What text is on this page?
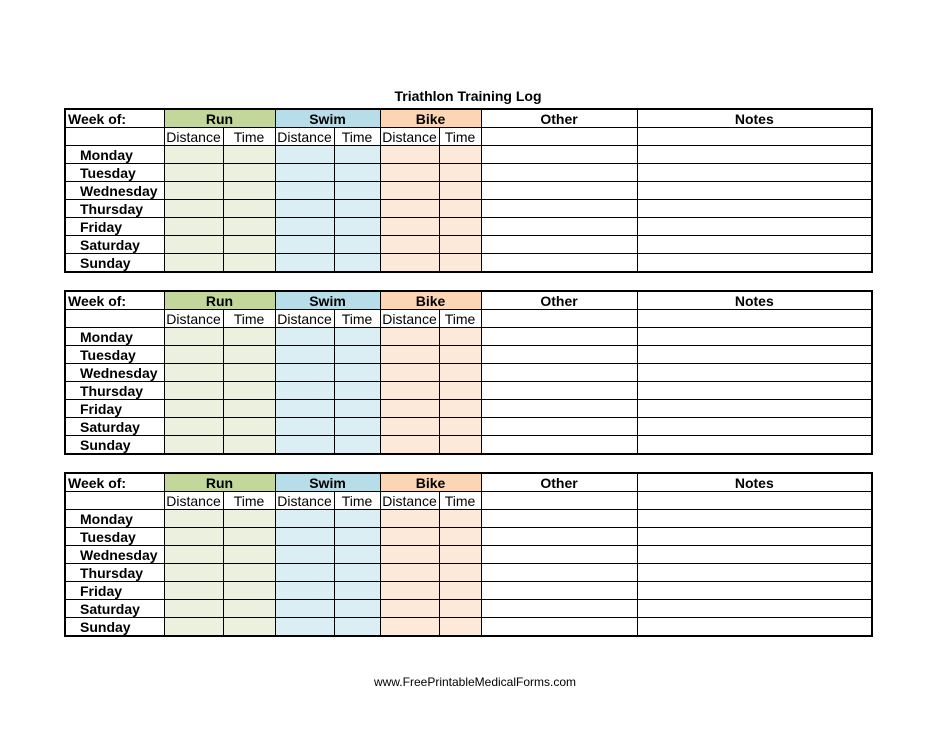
Triathlon Training Log
Week of:	Run		Swim		Bike		Other	Notes
	Distance	Time	Distance	Time	Distance	Time		
Monday								
Tuesday								
Wednesday								
Thursday								
Friday								
Saturday								
Sunday								
Week of:	Run		Swim		Bike		Other	Notes
	Distance	Time	Distance	Time	Distance	Time		
Monday								
Tuesday								
Wednesday								
Thursday								
Friday								
Saturday								
Sunday								
Week of:	Run		Swim		Bike		Other	Notes
	Distance	Time	Distance	Time	Distance	Time		
Monday								
Tuesday								
Wednesday								
Thursday								
Friday								
Saturday								
Sunday								
www.FreePrintableMedicalForms.com
